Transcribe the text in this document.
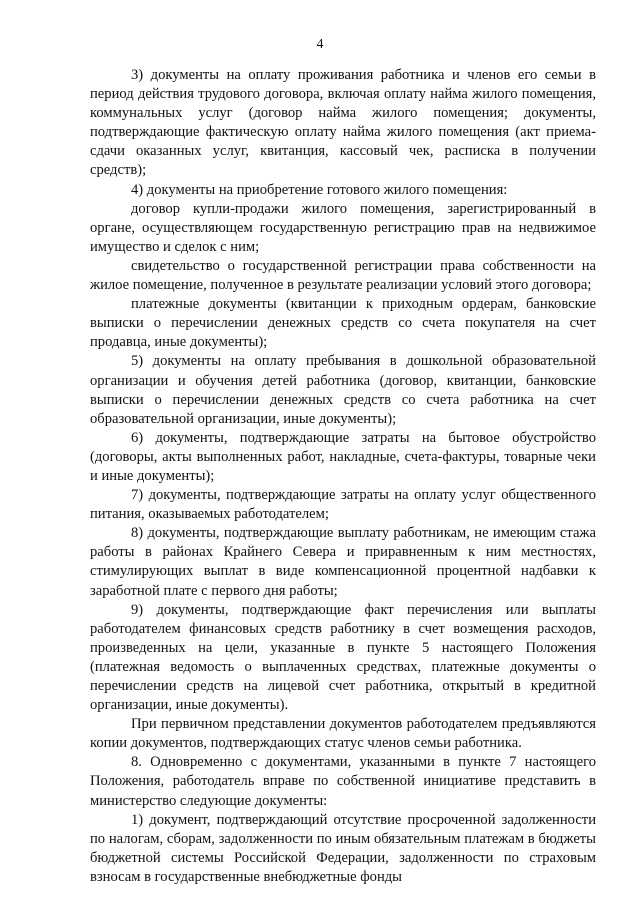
4

3) документы на оплату проживания работника и членов его семьи в период действия трудового договора, включая оплату найма жилого помещения, коммунальных услуг (договор найма жилого помещения; документы, подтверждающие фактическую оплату найма жилого помещения (акт приема-сдачи оказанных услуг, квитанция, кассовый чек, расписка в получении средств);

4) документы на приобретение готового жилого помещения:

договор купли-продажи жилого помещения, зарегистрированный в органе, осуществляющем государственную регистрацию прав на недвижимое имущество и сделок с ним;

свидетельство о государственной регистрации права собственности на жилое помещение, полученное в результате реализации условий этого договора;

платежные документы (квитанции к приходным ордерам, банковские выписки о перечислении денежных средств со счета покупателя на счет продавца, иные документы);

5) документы на оплату пребывания в дошкольной образовательной организации и обучения детей работника (договор, квитанции, банковские выписки о перечислении денежных средств со счета работника на счет образовательной организации, иные документы);

6) документы, подтверждающие затраты на бытовое обустройство (договоры, акты выполненных работ, накладные, счета-фактуры, товарные чеки и иные документы);

7) документы, подтверждающие затраты на оплату услуг общественного питания, оказываемых работодателем;

8) документы, подтверждающие выплату работникам, не имеющим стажа работы в районах Крайнего Севера и приравненным к ним местностях, стимулирующих выплат в виде компенсационной процентной надбавки к заработной плате с первого дня работы;

9) документы, подтверждающие факт перечисления или выплаты работодателем финансовых средств работнику в счет возмещения расходов, произведенных на цели, указанные в пункте 5 настоящего Положения (платежная ведомость о выплаченных средствах, платежные документы о перечислении средств на лицевой счет работника, открытый в кредитной организации, иные документы).

При первичном представлении документов работодателем предъявляются копии документов, подтверждающих статус членов семьи работника.

8. Одновременно с документами, указанными в пункте 7 настоящего Положения, работодатель вправе по собственной инициативе представить в министерство следующие документы:

1) документ, подтверждающий отсутствие просроченной задолженности по налогам, сборам, задолженности по иным обязательным платежам в бюджеты бюджетной системы Российской Федерации, задолженности по страховым взносам в государственные внебюджетные фонды
